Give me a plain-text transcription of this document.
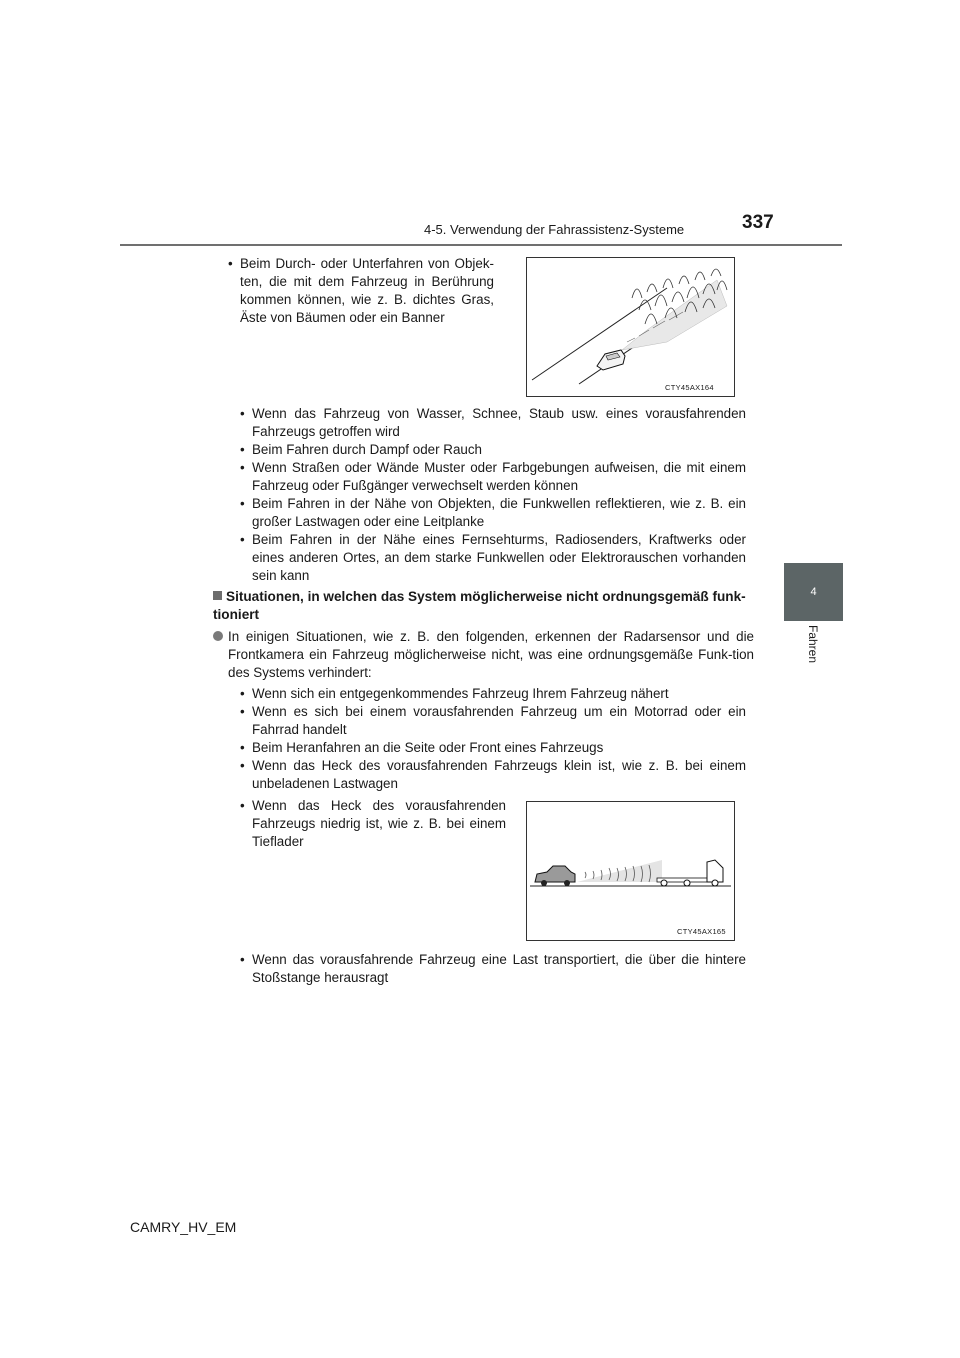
4-5. Verwendung der Fahrassistenz-Systeme	337
4
Fahren
• Beim Durch- oder Unterfahren von Objek-ten, die mit dem Fahrzeug in Berührung kommen können, wie z. B. dichtes Gras, Äste von Bäumen oder ein Banner
CTY45AX164
• Wenn das Fahrzeug von Wasser, Schnee, Staub usw. eines vorausfahrenden Fahrzeugs getroffen wird
• Beim Fahren durch Dampf oder Rauch
• Wenn Straßen oder Wände Muster oder Farbgebungen aufweisen, die mit einem Fahrzeug oder Fußgänger verwechselt werden können
• Beim Fahren in der Nähe von Objekten, die Funkwellen reflektieren, wie z. B. ein großer Lastwagen oder eine Leitplanke
• Beim Fahren in der Nähe eines Fernsehturms, Radiosenders, Kraftwerks oder eines anderen Ortes, an dem starke Funkwellen oder Elektrorauschen vorhanden sein kann
Situationen, in welchen das System möglicherweise nicht ordnungsgemäß funk-tioniert
In einigen Situationen, wie z. B. den folgenden, erkennen der Radarsensor und die Frontkamera ein Fahrzeug möglicherweise nicht, was eine ordnungsgemäße Funk-tion des Systems verhindert:
• Wenn sich ein entgegenkommendes Fahrzeug Ihrem Fahrzeug nähert
• Wenn es sich bei einem vorausfahrenden Fahrzeug um ein Motorrad oder ein Fahrrad handelt
• Beim Heranfahren an die Seite oder Front eines Fahrzeugs
• Wenn das Heck des vorausfahrenden Fahrzeugs klein ist, wie z. B. bei einem unbeladenen Lastwagen
• Wenn das Heck des vorausfahrenden Fahrzeugs niedrig ist, wie z. B. bei einem Tieflader
CTY45AX165
• Wenn das vorausfahrende Fahrzeug eine Last transportiert, die über die hintere Stoßstange herausragt
CAMRY_HV_EM
